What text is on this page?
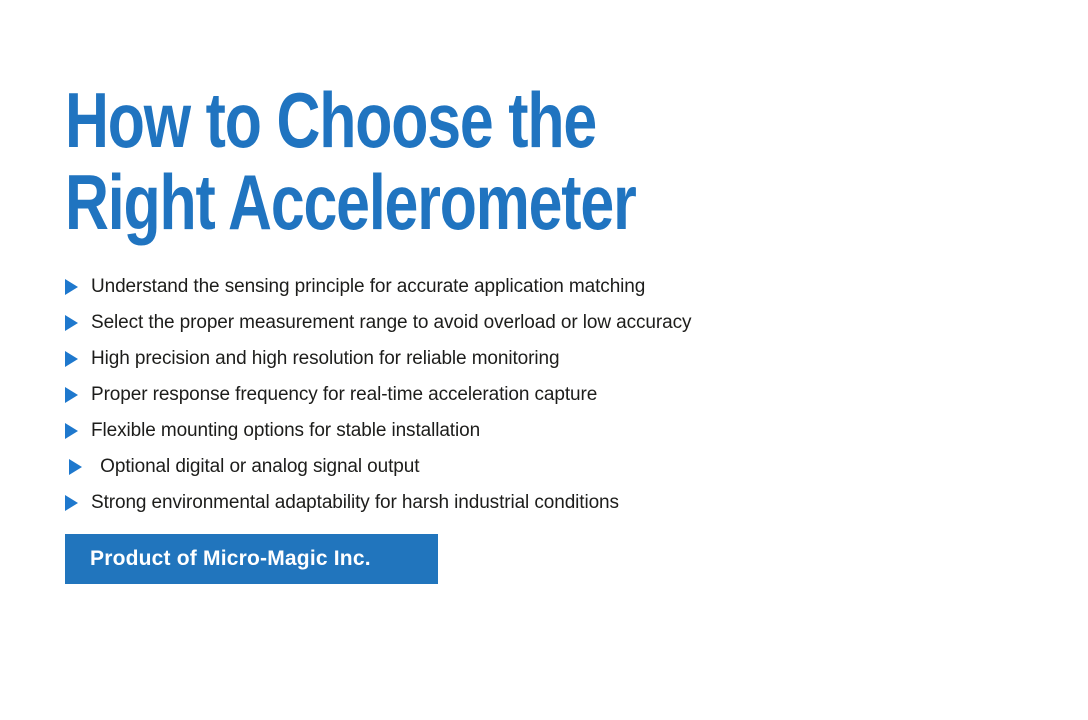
How to Choose the
Right Accelerometer
Understand the sensing principle for accurate application matching
Select the proper measurement range to avoid overload or low accuracy
High precision and high resolution for reliable monitoring
Proper response frequency for real-time acceleration capture
Flexible mounting options for stable installation
Optional digital or analog signal output
Strong environmental adaptability for harsh industrial conditions
Product of Micro-Magic Inc.
